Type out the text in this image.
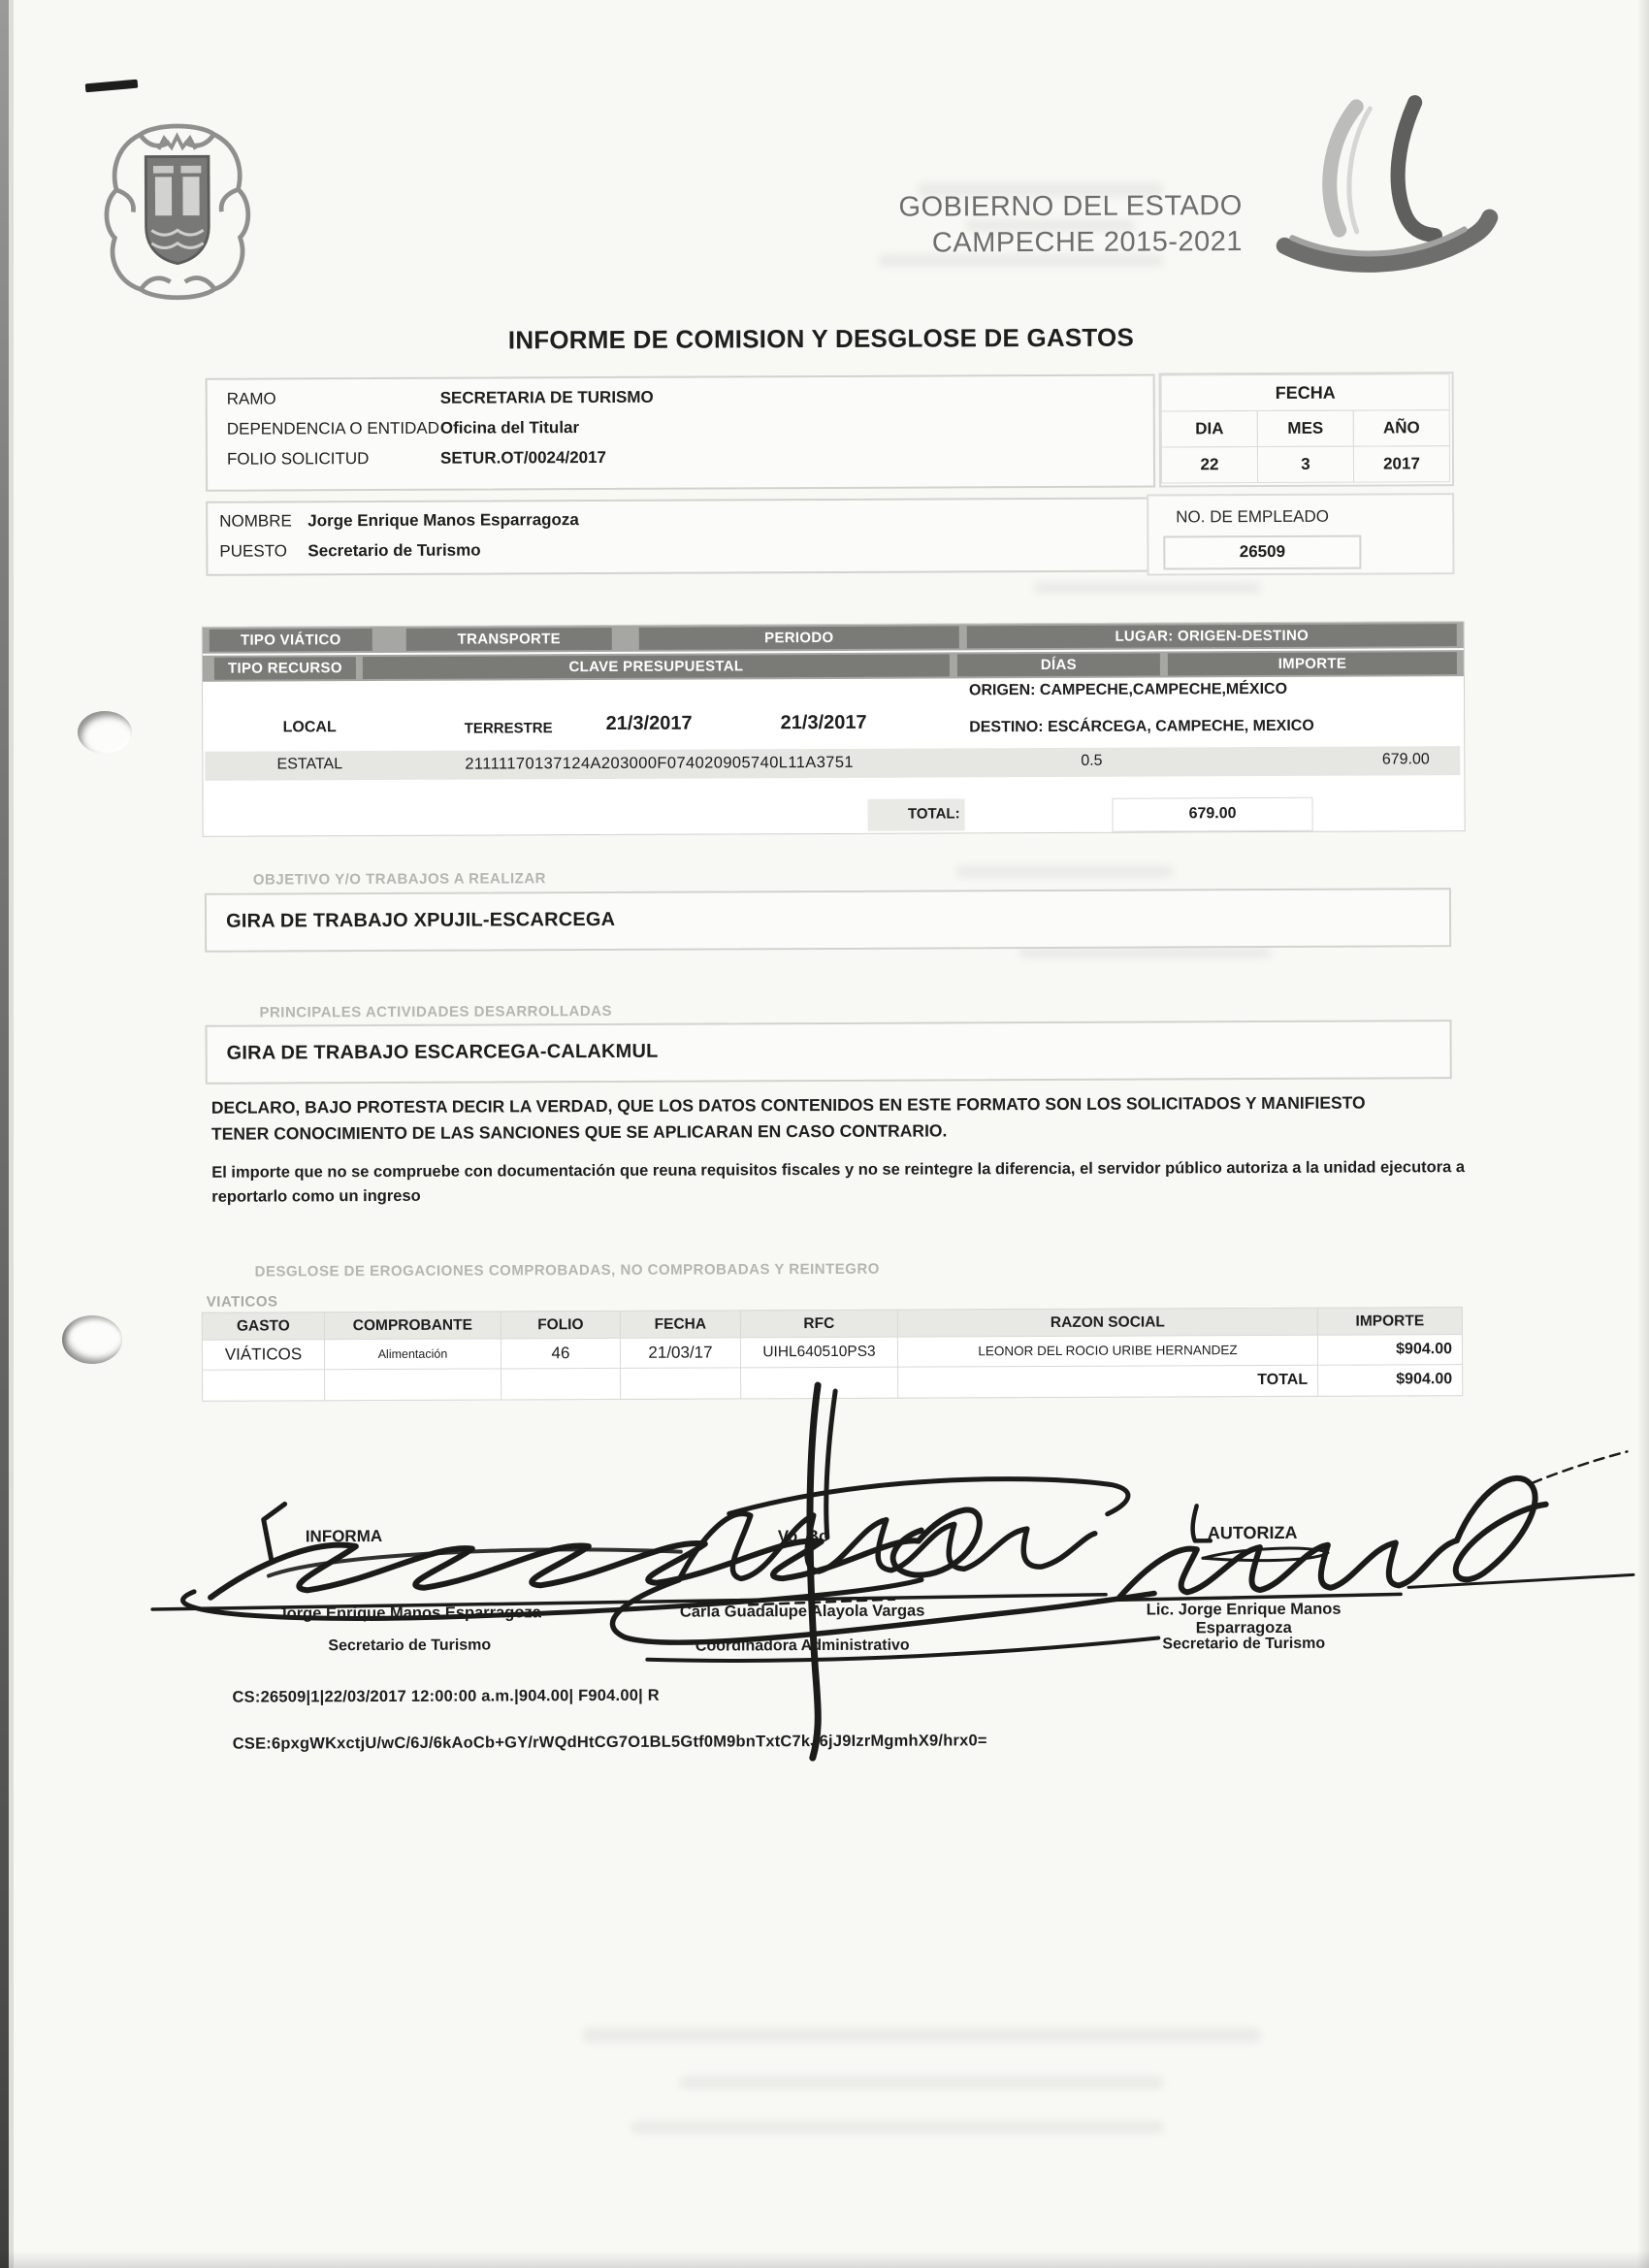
GOBIERNO DEL ESTADO
CAMPECHE 2015-2021
INFORME DE COMISION Y DESGLOSE DE GASTOS
RAMO	SECRETARIA DE TURISMO
DEPENDENCIA O ENTIDAD Oficina del Titular
FOLIO SOLICITUD	SETUR.OT/0024/2017
FECHA
DIA	MES	AÑO
22	3	2017
NOMBRE Jorge Enrique Manos Esparragoza
PUESTO Secretario de Turismo
NO. DE EMPLEADO
26509
TIPO VIÁTICO	TRANSPORTE	PERIODO	LUGAR: ORIGEN-DESTINO
TIPO RECURSO	CLAVE PRESUPUESTAL	DÍAS	IMPORTE
ORIGEN: CAMPECHE,CAMPECHE,MÉXICO
DESTINO: ESCÁRCEGA, CAMPECHE, MEXICO
LOCAL	TERRESTRE	21/3/2017	21/3/2017
ESTATAL	21111170137124A203000F074020905740L11A3751	0.5	679.00
TOTAL:	679.00
OBJETIVO Y/O TRABAJOS A REALIZAR
GIRA DE TRABAJO XPUJIL-ESCARCEGA
PRINCIPALES ACTIVIDADES DESARROLLADAS
GIRA DE TRABAJO ESCARCEGA-CALAKMUL
DECLARO, BAJO PROTESTA DECIR LA VERDAD, QUE LOS DATOS CONTENIDOS EN ESTE FORMATO SON LOS SOLICITADOS Y MANIFIESTO
TENER CONOCIMIENTO DE LAS SANCIONES QUE SE APLICARAN EN CASO CONTRARIO.
El importe que no se compruebe con documentación que reuna requisitos fiscales y no se reintegre la diferencia, el servidor público autoriza a la unidad ejecutora a
reportarlo como un ingreso
DESGLOSE DE EROGACIONES COMPROBADAS, NO COMPROBADAS Y REINTEGRO
VIATICOS
GASTO	COMPROBANTE	FOLIO	FECHA	RFC	RAZON SOCIAL	IMPORTE
VIÁTICOS	Alimentación	46	21/03/17	UIHL640510PS3	LEONOR DEL ROCIO URIBE HERNANDEZ	$904.00
TOTAL	$904.00
INFORMA	Vo. Bo	AUTORIZA
Jorge Enrique Manos Esparragoza
Secretario de Turismo
Carla Guadalupe Alayola Vargas
Coordinadora Administrativo
Lic. Jorge Enrique Manos Esparragoza
Secretario de Turismo
CS:26509|1|22/03/2017 12:00:00 a.m.|904.00| F904.00| R
CSE:6pxgWKxctjU/wC/6J/6kAoCb+GY/rWQdHtCG7O1BL5Gtf0M9bnTxtC7kJ6jJ9IzrMgmhX9/hrx0=
